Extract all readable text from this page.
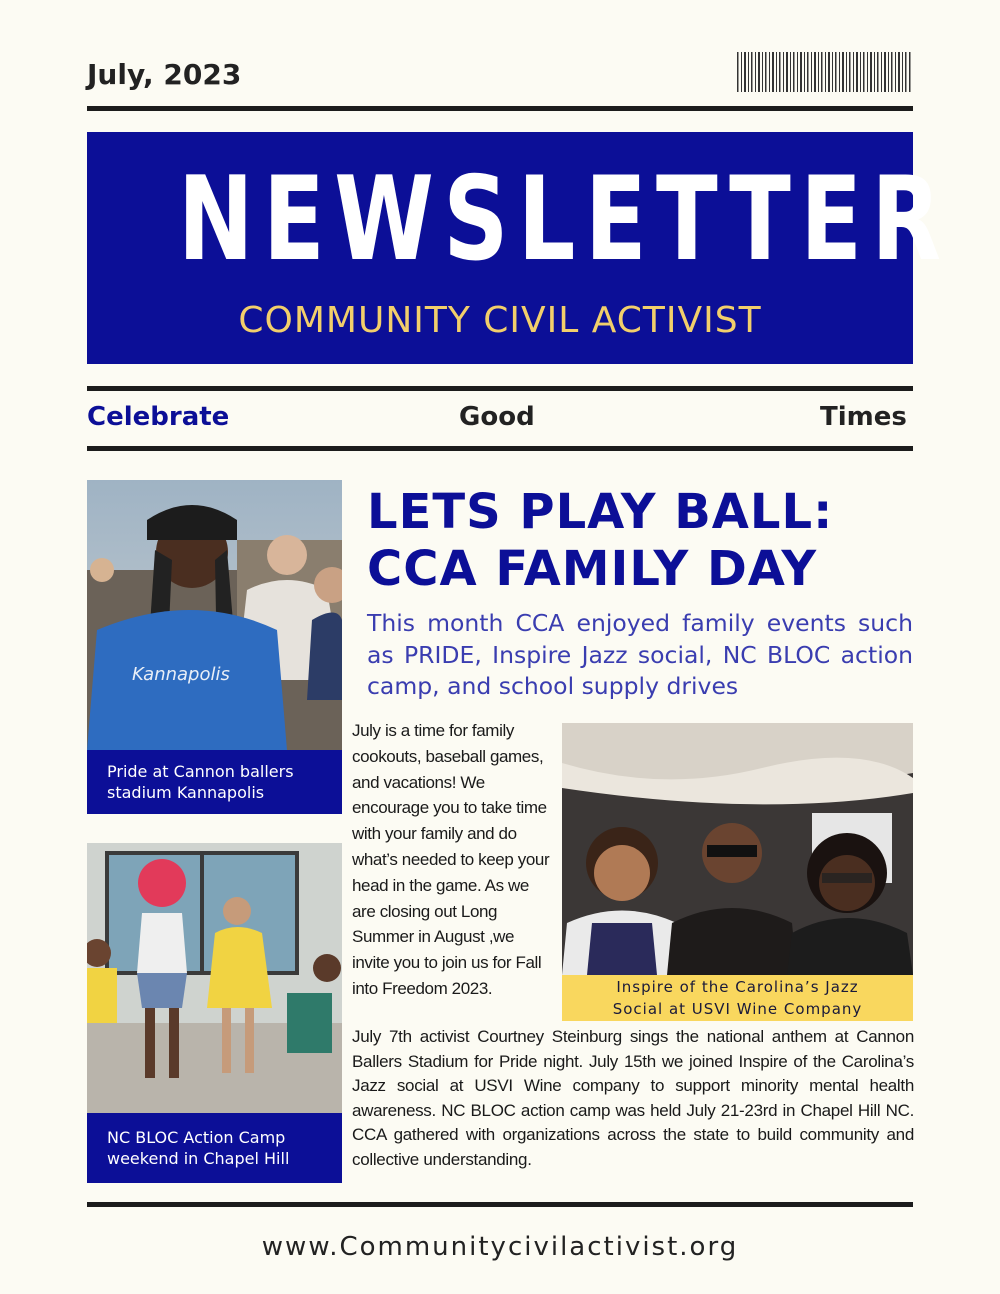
July, 2023
NEWSLETTER
COMMUNITY CIVIL ACTIVIST
Celebrate	Good	Times
Kannapolis
Pride at Cannon ballers stadium Kannapolis
NC BLOC Action Camp weekend in Chapel Hill
LETS PLAY BALL:
CCA FAMILY DAY
This month CCA enjoyed family events such as PRIDE, Inspire Jazz social, NC BLOC action camp, and school supply drives
July is a time for family cookouts, baseball games, and vacations! We encourage you to take time with your family and do what’s needed to keep your head in the game. As we are closing out Long Summer in August ,we invite you to join us for Fall into Freedom 2023.	Inspire of the Carolina’s Jazz Social at USVI Wine Company
July 7th activist Courtney Steinburg sings the national anthem at Cannon Ballers Stadium for Pride night. July 15th we joined Inspire of the Carolina’s Jazz social at USVI Wine company to support minority mental health awareness. NC BLOC action camp was held July 21-23rd in Chapel Hill NC. CCA gathered with organizations across the state to build community and collective understanding.
www.Communitycivilactivist.org
